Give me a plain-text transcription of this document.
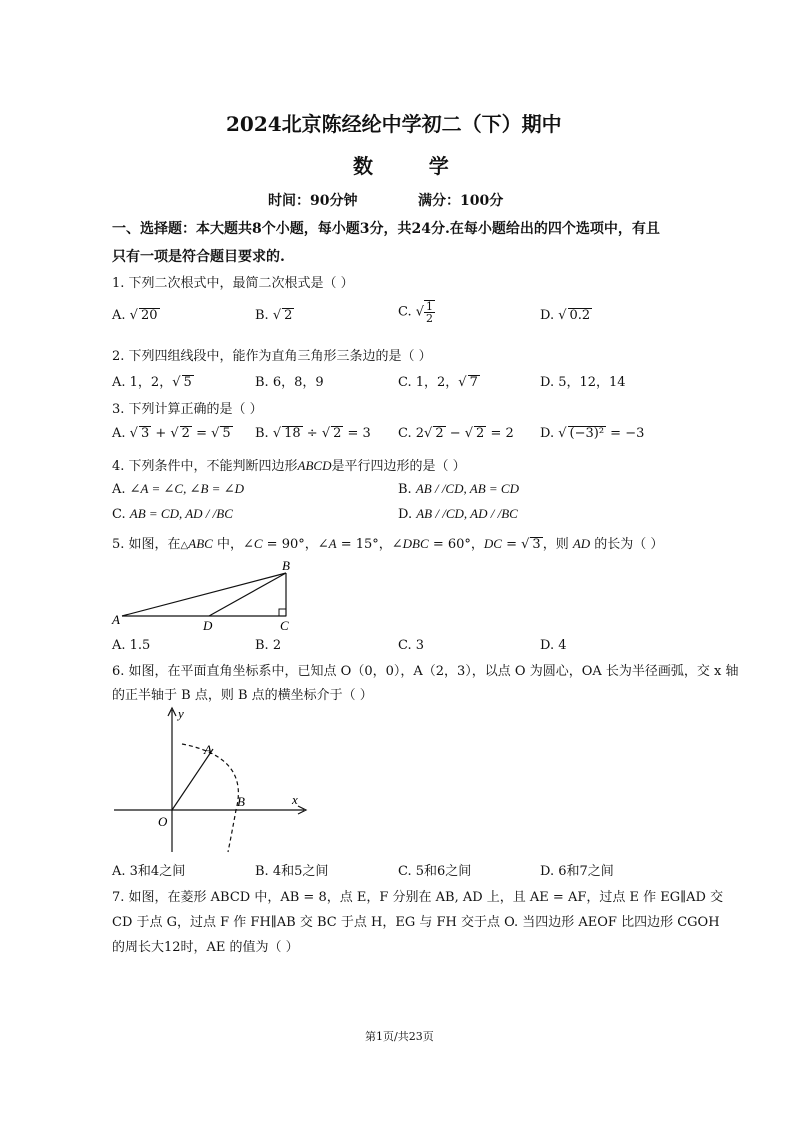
2024北京陈经纶中学初二（下）期中
数      学
时间：90分钟	满分：100分
一、选择题：本大题共8个小题，每小题3分，共24分.在每小题给出的四个选项中，有且
只有一项是符合题目要求的.
1. 下列二次根式中，最简二次根式是（ ）
A. √ 20	B. √ 2	C. √ $\frac{1}{2}$	D. √ 0.2
2. 下列四组线段中，能作为直角三角形三条边的是（ ）
A. 1，2，√ 5	B. 6，8，9	C. 1，2，√ 7	D. 5，12，14
3. 下列计算正确的是（ ）
A. √ 3 + √ 2 = √ 5 B. √ 18 ÷ √ 2 = 3 C. 2√ 2 − √ 2 = 2 D. √ (−3)² = −3
4. 下列条件中，不能判断四边形ABCD是平行四边形的是（ ）
A. ∠A = ∠C, ∠B = ∠D	B. AB / /CD, AB = CD
C. AB = CD, AD / /BC	D. AB / /CD, AD / /BC
5. 如图，在△ABC 中，∠C = 90°，∠A = 15°，∠DBC = 60°，DC = √ 3 ，则 AD 的长为（ ）
A	D	C
B
A. 1.5	B. 2	C. 3	D. 4
6. 如图，在平面直角坐标系中，已知点 O（0，0），A（2，3），以点 O 为圆心，OA 长为半径画弧，交 x 轴
的正半轴于 B 点，则 B 点的横坐标介于（ ）
y
x
O
A
B
A. 3和4之间	B. 4和5之间	C. 5和6之间	D. 6和7之间
7. 如图，在菱形 ABCD 中，AB = 8，点 E，F 分别在 AB, AD 上，且 AE = AF，过点 E 作 EG∥AD 交
CD 于点 G，过点 F 作 FH∥AB 交 BC 于点 H，EG 与 FH 交于点 O. 当四边形 AEOF 比四边形 CGOH
的周长大12时，AE 的值为（ ）
第1页/共23页
